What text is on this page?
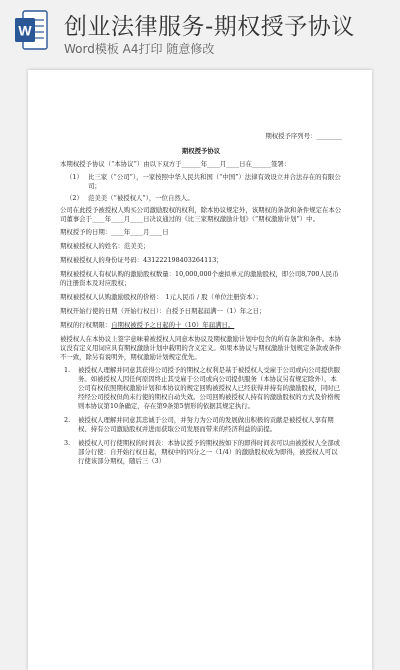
W 创业法律服务-期权授予协议
Word模板 A4打印 随意修改
期权授予序列号：________
期权授予协议
本期权授予协议（“本协议”）由以下双方于______年____月____日在______签署：
（1） 比三家（“公司”），一家按照中华人民共和国（“中国”）法律有效设立并合法存在的有限公司；
（2） 范美美（“被授权人”），一位自然人。
公司在此授予被授权人购买公司激励股权的权利，除本协议规定外，该期权的条款和条件规定在本公司董事会于____年____月____日决议通过的《比三家期权激励计划》（“期权激励计划”）中。
期权授予的日期：____年____月____日
期权被授权人的姓名：范美美；
期权被授权人的身份证号码：431222198403264113；
期权被授权人有权认购的激励股权数量：10,000,000个虚拟单元的激励股权，即公司8,700人民币的注册资本及对应股权；
期权被授权人认购激励股权的价格：　1元人民币 / 股（单位注册资本）；
期权开始行使的日期（开始行权日）：自授予日期起届满一（1）年之日；
期权的行权期限：自期权被授予之日起的十（10）年届满日。
被授权人在本协议上签字意味着被授权人同意本协议及期权激励计划中包含的所有条款和条件。本协议没有定义用词应具有期权激励计划中载明的含义定义。如果本协议与期权激励计划规定条款或条件不一致，除另有说明外，期权激励计划规定优先。
1.	被授权人理解并同意其获得公司授予的期权之权利是基于被授权人受雇于公司或向公司提供服务。如被授权人因任何原因终止其受雇于公司或向公司提供服务（本协议另有规定除外），本公司有权依照期权激励计划和本协议的规定回购被授权人已经获得并持有的激励股权，同时已经经公司授权但尚未行使的期权自动失效。公司回购被授权人持有的激励股权的方式及价格规则本协议第10条确定，存在第9条第5情形的依据其规定执行。
2.	被授权人理解并同意其忠诚于公司，并努力为公司的发展做出积极的贡献是被授权人享有期权、持有公司激励股权并进而获取公司发展而带来的经济利益的前提。
3.	被授权人可行使期权的时间表：本协议授予的期权按如下的即得时间表可以由被授权人全部或部分行使：自开始行权日起，期权中的四分之一（1/4）的激励股权成为即得，被授权人可以行使该部分期权，随后三（3）
